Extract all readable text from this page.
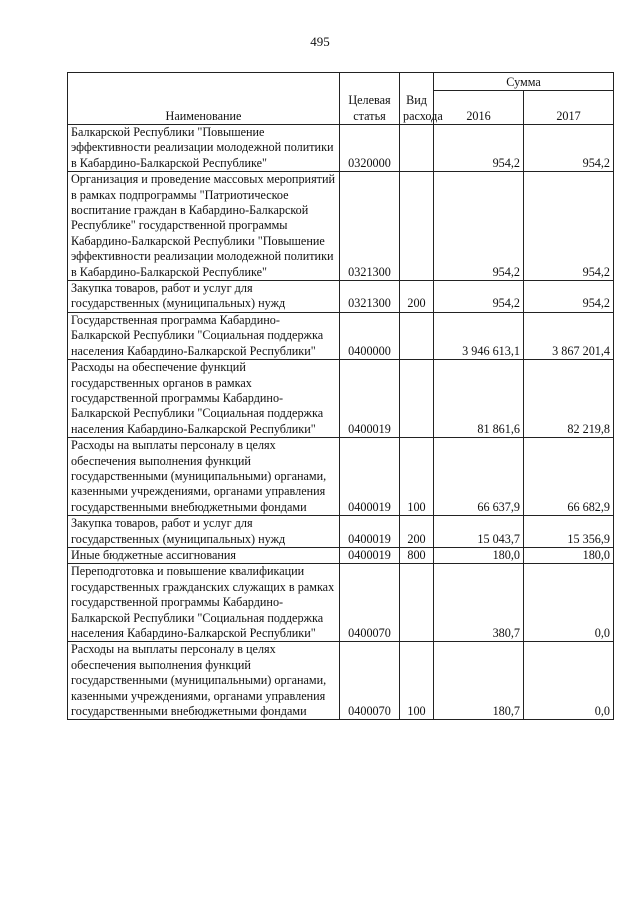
495
Наименование	Целевая статья	Вид расхода	Сумма	
			2016	2017
Балкарской Республики "Повышение эффективности реализации молодежной политики в Кабардино-Балкарской Республике"	0320000		954,2	954,2
Организация и проведение массовых мероприятий в рамках подпрограммы "Патриотическое воспитание граждан в Кабардино-Балкарской Республике" государственной программы Кабардино-Балкарской Республики "Повышение эффективности реализации молодежной политики в Кабардино-Балкарской Республике"	0321300		954,2	954,2
Закупка товаров, работ и услуг для государственных (муниципальных) нужд	0321300	200	954,2	954,2
Государственная программа Кабардино-Балкарской Республики "Социальная поддержка населения Кабардино-Балкарской Республики"	0400000		3 946 613,1	3 867 201,4
Расходы на обеспечение функций государственных органов в рамках государственной программы Кабардино-Балкарской Республики "Социальная поддержка населения Кабардино-Балкарской Республики"	0400019		81 861,6	82 219,8
Расходы на выплаты персоналу в целях обеспечения выполнения функций государственными (муниципальными) органами, казенными учреждениями, органами управления государственными внебюджетными фондами	0400019	100	66 637,9	66 682,9
Закупка товаров, работ и услуг для государственных (муниципальных) нужд	0400019	200	15 043,7	15 356,9
Иные бюджетные ассигнования	0400019	800	180,0	180,0
Переподготовка и повышение квалификации государственных гражданских служащих в рамках государственной программы Кабардино-Балкарской Республики "Социальная поддержка населения Кабардино-Балкарской Республики"	0400070		380,7	0,0
Расходы на выплаты персоналу в целях обеспечения выполнения функций государственными (муниципальными) органами, казенными учреждениями, органами управления государственными внебюджетными фондами	0400070	100	180,7	0,0
